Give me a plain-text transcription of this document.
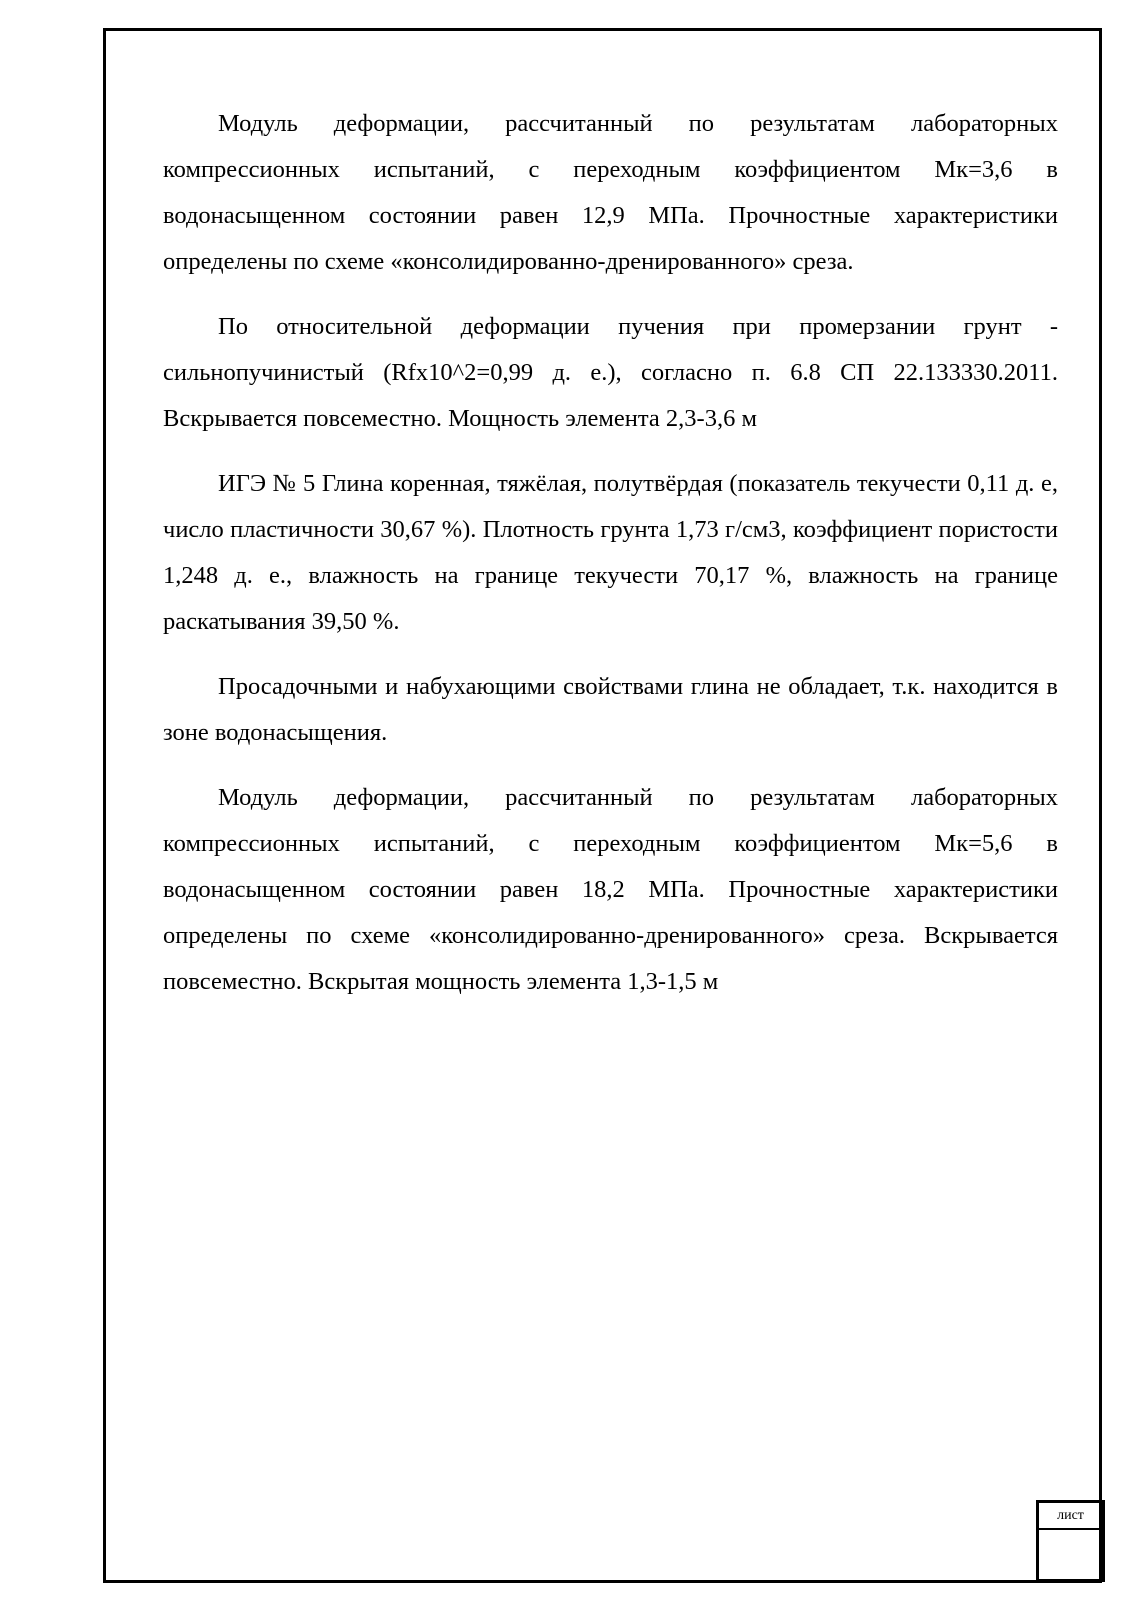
Модуль деформации, рассчитанный по результатам лабораторных компрессионных испытаний, с переходным коэффициентом Мк=3,6 в водонасыщенном состоянии равен 12,9 МПа. Прочностные характеристики определены по схеме «консолидированно-дренированного» среза.

По относительной деформации пучения при промерзании грунт - сильнопучинистый (Rfx10^2=0,99 д. е.), согласно п. 6.8 СП 22.133330.2011. Вскрывается повсеместно. Мощность элемента 2,3-3,6 м

ИГЭ № 5 Глина коренная, тяжёлая, полутвёрдая (показатель текучести 0,11 д. е, число пластичности 30,67 %). Плотность грунта 1,73 г/см3, коэффициент пористости 1,248 д. е., влажность на границе текучести 70,17 %, влажность на границе раскатывания 39,50 %.

Просадочными и набухающими свойствами глина не обладает, т.к. находится в зоне водонасыщения.

Модуль деформации, рассчитанный по результатам лабораторных компрессионных испытаний, с переходным коэффициентом Мк=5,6 в водонасыщенном состоянии равен 18,2 МПа. Прочностные характеристики определены по схеме «консолидированно-дренированного» среза. Вскрывается повсеместно. Вскрытая мощность элемента 1,3-1,5 м

лист
